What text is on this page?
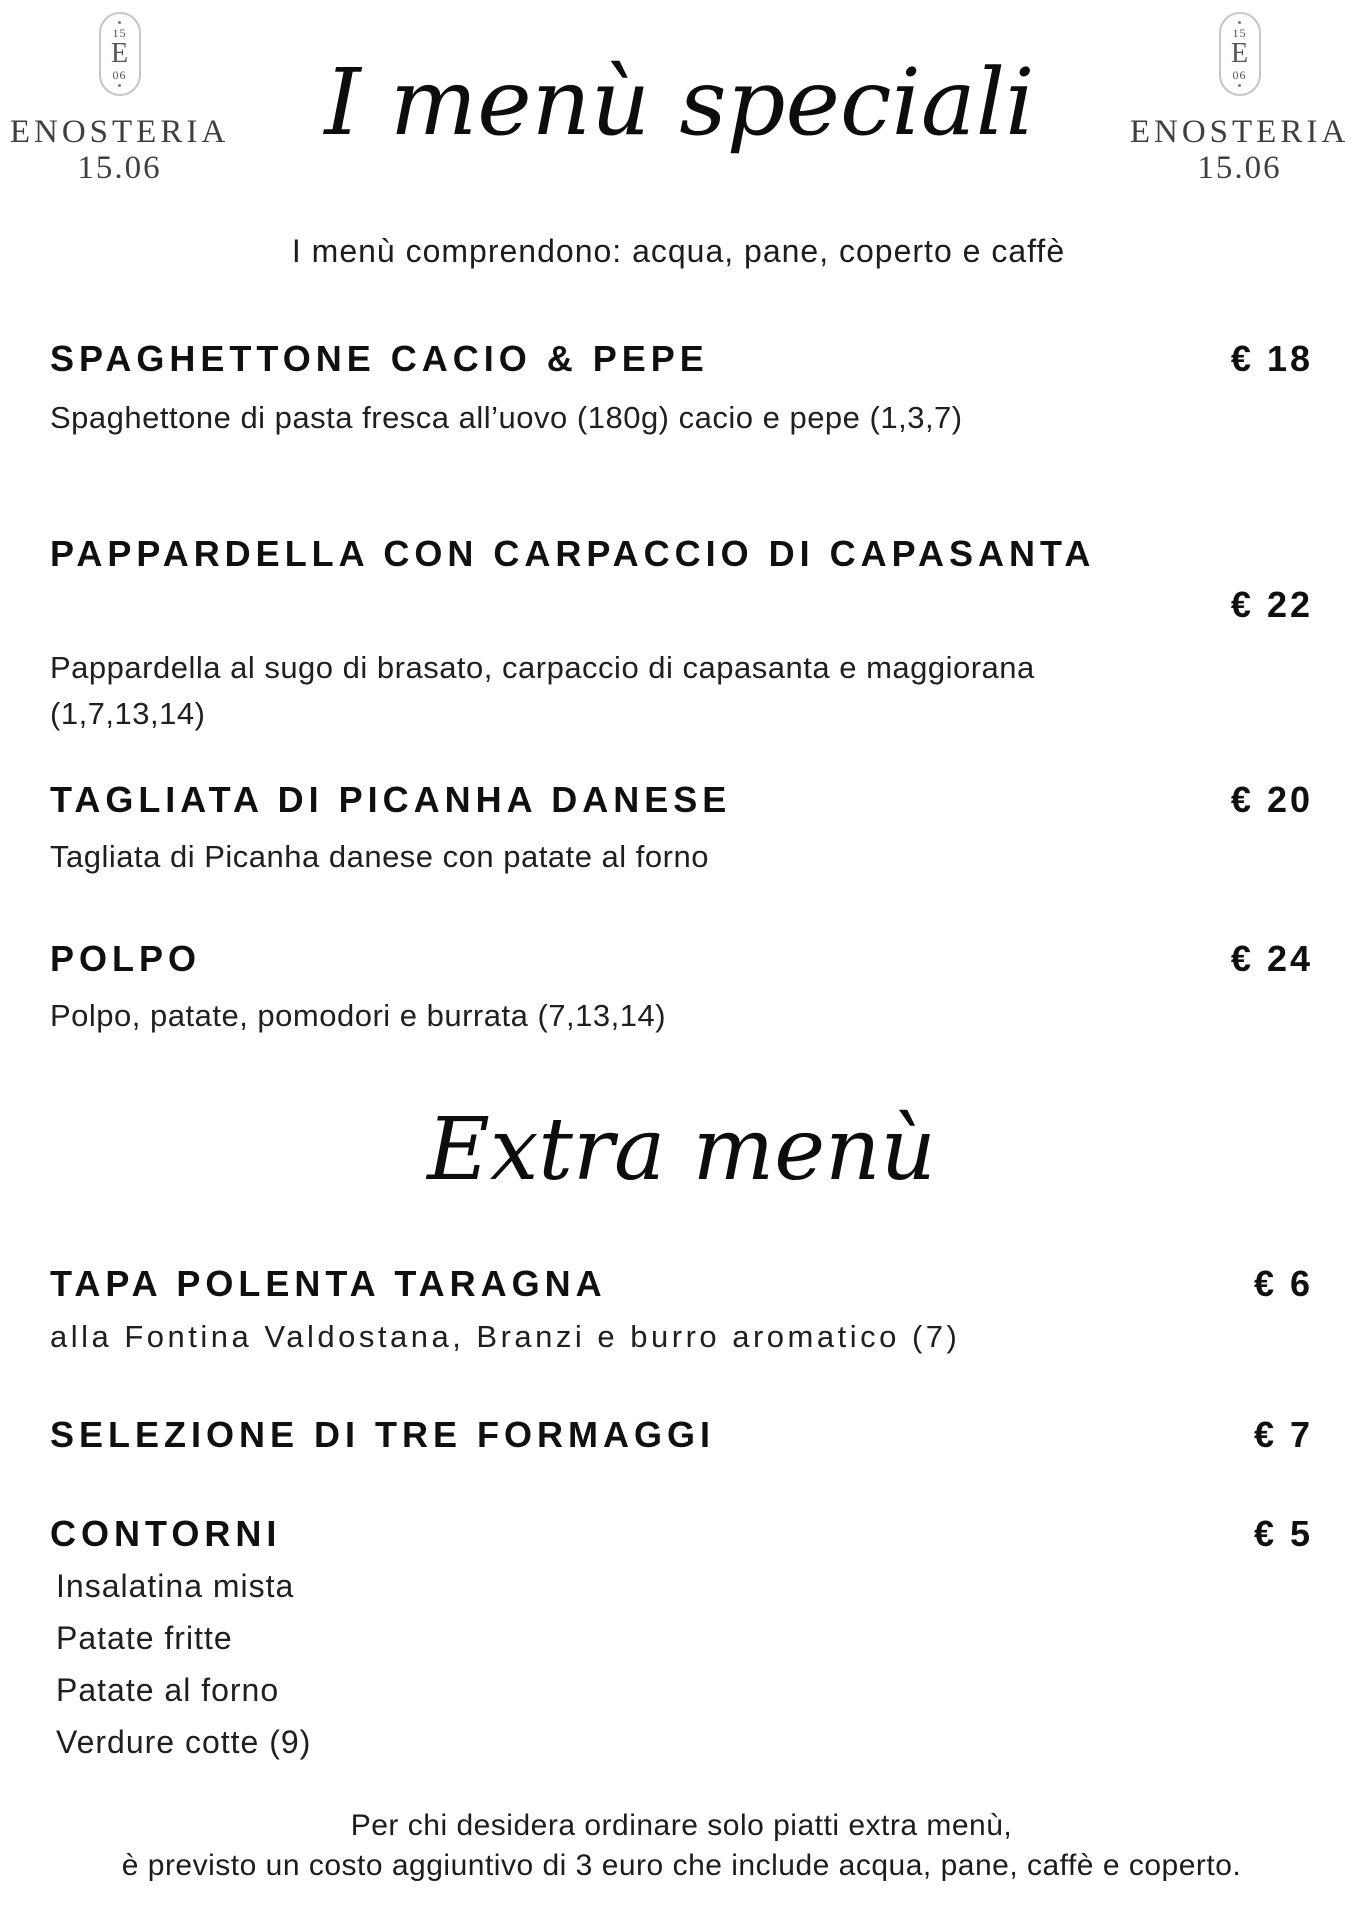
15
E
06
ENOSTERIA
15.06
I menù speciali
15
E
06
ENOSTERIA
15.06

I menù comprendono: acqua, pane, coperto e caffè

SPAGHETTONE CACIO & PEPE	€ 18

Spaghettone di pasta fresca all’uovo (180g) cacio e pepe (1,3,7)

PAPPARDELLA CON CARPACCIO DI CAPASANTA
€ 22

Pappardella al sugo di brasato, carpaccio di capasanta e maggiorana

(1,7,13,14)

TAGLIATA DI PICANHA DANESE	€ 20

Tagliata di Picanha danese con patate al forno

POLPO	€ 24

Polpo, patate, pomodori e burrata (7,13,14)

Extra menù
TAPA POLENTA TARAGNA	€ 6

alla Fontina Valdostana, Branzi e burro aromatico (7)

SELEZIONE DI TRE FORMAGGI	€ 7
CONTORNI	€ 5
Insalatina mista
Patate fritte
Patate al forno
Verdure cotte (9)

Per chi desidera ordinare solo piatti extra menù,

è previsto un costo aggiuntivo di 3 euro che include acqua, pane, caffè e coperto.
